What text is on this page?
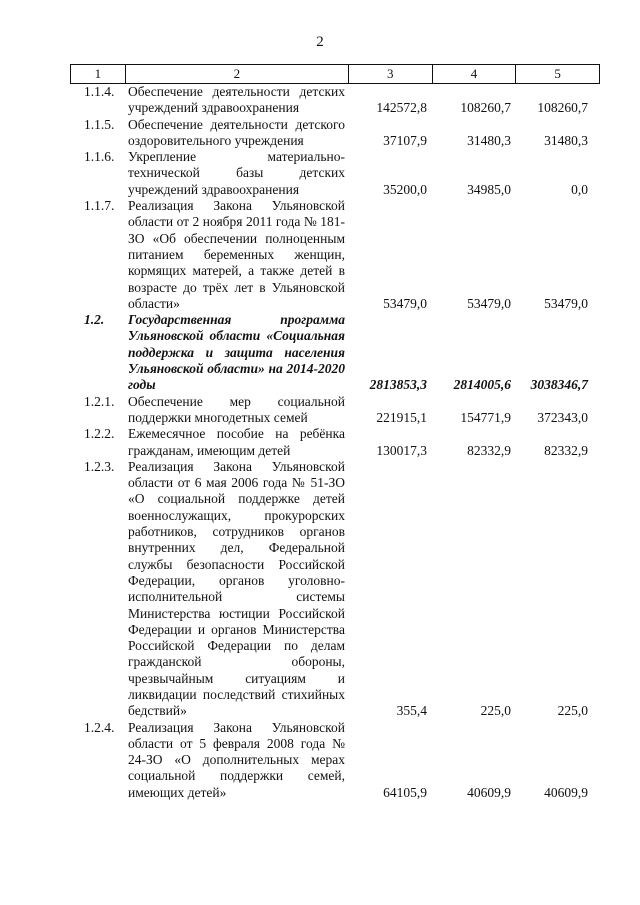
2
1	2	3	4	5
1.1.4.	Обеспечение деятельности детских учреждений здравоохранения	142572,8	108260,7	108260,7
1.1.5.	Обеспечение деятельности детского оздоровительного учреждения	37107,9	31480,3	31480,3
1.1.6.	Укрепление материально-технической базы детских учреждений здравоохранения	35200,0	34985,0	0,0
1.1.7.	Реализация Закона Ульяновской области от 2 ноября 2011 года № 181-ЗО «Об обеспечении полноценным питанием беременных женщин, кормящих матерей, а также детей в возрасте до трёх лет в Ульяновской области»	53479,0	53479,0	53479,0
1.2.	Государственная программа Ульяновской области «Социальная поддержка и защита населения Ульяновской области» на 2014-2020 годы	2813853,3	2814005,6	3038346,7
1.2.1.	Обеспечение мер социальной поддержки многодетных семей	221915,1	154771,9	372343,0
1.2.2.	Ежемесячное пособие на ребёнка гражданам, имеющим детей	130017,3	82332,9	82332,9
1.2.3.	Реализация Закона Ульяновской области от 6 мая 2006 года № 51-ЗО «О социальной поддержке детей военнослужащих, прокурорских работников, сотрудников органов внутренних дел, Федеральной службы безопасности Российской Федерации, органов уголовно-исполнительной системы Министерства юстиции Российской Федерации и органов Министерства Российской Федерации по делам гражданской обороны, чрезвычайным ситуациям и ликвидации последствий стихийных бедствий»	355,4	225,0	225,0
1.2.4.	Реализация Закона Ульяновской области от 5 февраля 2008 года № 24-ЗО «О дополнительных мерах социальной поддержки семей, имеющих детей»	64105,9	40609,9	40609,9
